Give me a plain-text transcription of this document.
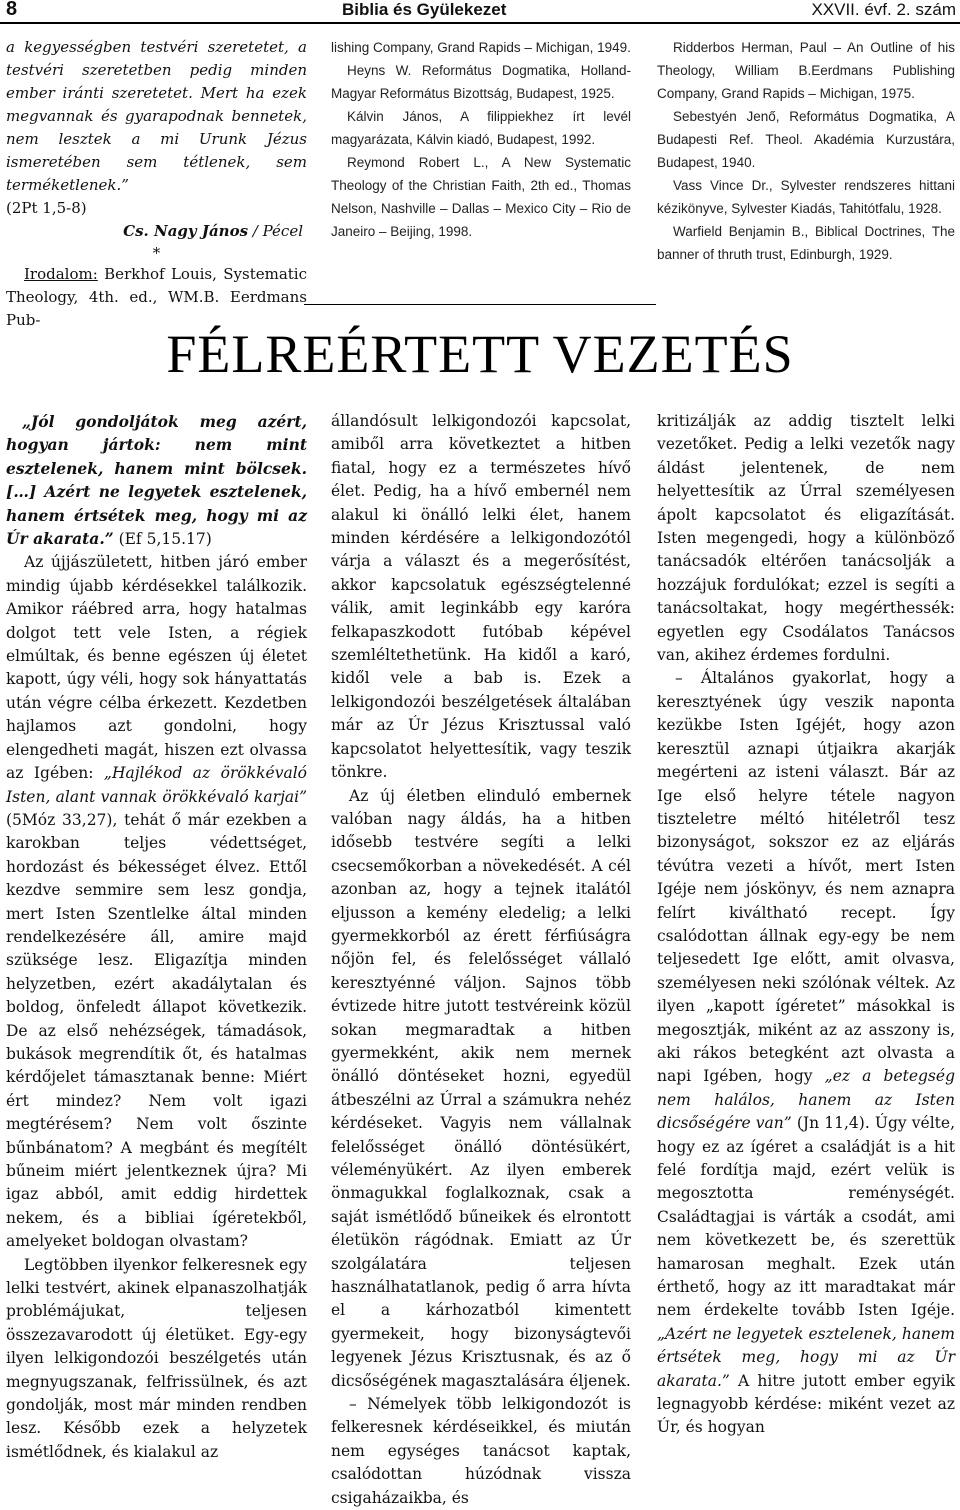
8	Biblia és Gyülekezet	XXVII. évf. 2. szám

a kegyességben testvéri szeretetet, a testvéri szeretetben pedig minden ember iránti szeretetet. Mert ha ezek megvannak és gyarapodnak bennetek, nem lesztek a mi Urunk Jézus ismeretében sem tétlenek, sem terméketlenek.”

(2Pt 1,5-8)

Cs. Nagy János / Pécel

*

Irodalom: Berkhof Louis, Systematic Theology, 4th. ed., WM.B. Eerdmans Pub-

lishing Company, Grand Rapids – Michigan, 1949.

Heyns W. Református Dogmatika, Holland-Magyar Református Bizottság, Budapest, 1925.

Kálvin János, A filippiekhez írt levél magyarázata, Kálvin kiadó, Budapest, 1992.

Reymond Robert L., A New Systematic Theology of the Christian Faith, 2th ed., Thomas Nelson, Nashville – Dallas – Mexico City – Rio de Janeiro – Beijing, 1998.

Ridderbos Herman, Paul – An Outline of his Theology, William B.Eerdmans Publishing Company, Grand Rapids – Michigan, 1975.

Sebestyén Jenő, Református Dogmatika, A Budapesti Ref. Theol. Akadémia Kurzustára, Budapest, 1940.

Vass Vince Dr., Sylvester rendszeres hittani kézikönyve, Sylvester Kiadás, Tahitótfalu, 1928.

Warfield Benjamin B., Biblical Doctrines, The banner of thruth trust, Edinburgh, 1929.

FÉLREÉRTETT VEZETÉS

„Jól gondoljátok meg azért, hogyan jártok: nem mint esztelenek, hanem mint bölcsek. […] Azért ne legyetek esztelenek, hanem értsétek meg, hogy mi az Úr akarata.” (Ef 5,15.17)

Az újjászületett, hitben járó ember mindig újabb kérdésekkel találkozik. Amikor ráébred arra, hogy hatalmas dolgot tett vele Isten, a régiek elmúltak, és benne egészen új életet kapott, úgy véli, hogy sok hányattatás után végre célba érkezett. Kezdetben hajlamos azt gondolni, hogy elengedheti magát, hiszen ezt olvassa az Igében: „Hajlékod az örökkévaló Isten, alant vannak örökkévaló karjai” (5Móz 33,27), tehát ő már ezekben a karokban teljes védettséget, hordozást és békességet élvez. Ettől kezdve semmire sem lesz gondja, mert Isten Szentlelke által minden rendelkezésére áll, amire majd szüksége lesz. Eligazítja minden helyzetben, ezért akadálytalan és boldog, önfeledt állapot következik. De az első nehézségek, támadások, bukások megrendítik őt, és hatalmas kérdőjelet támasztanak benne: Miért ért mindez? Nem volt igazi megtérésem? Nem volt őszinte bűnbánatom? A megbánt és megítélt bűneim miért jelentkeznek újra? Mi igaz abból, amit eddig hirdettek nekem, és a bibliai ígéretekből, amelyeket boldogan olvastam?

Legtöbben ilyenkor felkeresnek egy lelki testvért, akinek elpanaszolhatják problémájukat, teljesen összezavarodott új életüket. Egy-egy ilyen lelkigondozói beszélgetés után megnyugszanak, felfrissülnek, és azt gondolják, most már minden rendben lesz. Később ezek a helyzetek ismétlődnek, és kialakul az

állandósult lelkigondozói kapcsolat, amiből arra következtet a hitben fiatal, hogy ez a természetes hívő élet. Pedig, ha a hívő embernél nem alakul ki önálló lelki élet, hanem minden kérdésére a lelkigondozótól várja a választ és a megerősítést, akkor kapcsolatuk egészségtelenné válik, amit leginkább egy karóra felkapaszkodott futóbab képével szemléltethetünk. Ha kidől a karó, kidől vele a bab is. Ezek a lelkigondozói beszélgetések általában már az Úr Jézus Krisztussal való kapcsolatot helyettesítik, vagy teszik tönkre.

Az új életben elinduló embernek valóban nagy áldás, ha a hitben idősebb testvére segíti a lelki csecsemőkorban a növekedését. A cél azonban az, hogy a tejnek italától eljusson a kemény eledelig; a lelki gyermekkorból az érett férfiúságra nőjön fel, és felelősséget vállaló keresztyénné váljon. Sajnos több évtizede hitre jutott testvéreink közül sokan megmaradtak a hitben gyermekként, akik nem mernek önálló döntéseket hozni, egyedül átbeszélni az Úrral a számukra nehéz kérdéseket. Vagyis nem vállalnak felelősséget önálló döntésükért, véleményükért. Az ilyen emberek önmagukkal foglalkoznak, csak a saját ismétlődő bűneikek és elrontott életükön rágódnak. Emiatt az Úr szolgálatára teljesen használhatatlanok, pedig ő arra hívta el a kárhozatból kimentett gyermekeit, hogy bizonyságtevői legyenek Jézus Krisztusnak, és az ő dicsőségének magasztalására éljenek.

– Némelyek több lelkigondozót is felkeresnek kérdéseikkel, és miután nem egységes tanácsot kaptak, csalódottan húzódnak vissza csigaházaikba, és

kritizálják az addig tisztelt lelki vezetőket. Pedig a lelki vezetők nagy áldást jelentenek, de nem helyettesítik az Úrral személyesen ápolt kapcsolatot és eligazítását. Isten megengedi, hogy a különböző tanácsadók eltérően tanácsolják a hozzájuk fordulókat; ezzel is segíti a tanácsoltakat, hogy megérthessék: egyetlen egy Csodálatos Tanácsos van, akihez érdemes fordulni.

– Általános gyakorlat, hogy a keresztyének úgy veszik naponta kezükbe Isten Igéjét, hogy azon keresztül aznapi útjaikra akarják megérteni az isteni választ. Bár az Ige első helyre tétele nagyon tiszteletre méltó hitéletről tesz bizonyságot, sokszor ez az eljárás tévútra vezeti a hívőt, mert Isten Igéje nem jóskönyv, és nem aznapra felírt kiváltható recept. Így csalódottan állnak egy-egy be nem teljesedett Ige előtt, amit olvasva, személyesen neki szólónak véltek. Az ilyen „kapott ígéretet” másokkal is megosztják, miként az az asszony is, aki rákos betegként azt olvasta a napi Igében, hogy „ez a betegség nem halálos, hanem az Isten dicsőségére van” (Jn 11,4). Úgy vélte, hogy ez az ígéret a családját is a hit felé fordítja majd, ezért velük is megosztotta reménységét. Családtagjai is várták a csodát, ami nem következett be, és szerettük hamarosan meghalt. Ezek után érthető, hogy az itt maradtakat már nem érdekelte tovább Isten Igéje. „Azért ne legyetek esztelenek, hanem értsétek meg, hogy mi az Úr akarata.” A hitre jutott ember egyik legnagyobb kérdése: miként vezet az Úr, és hogyan
